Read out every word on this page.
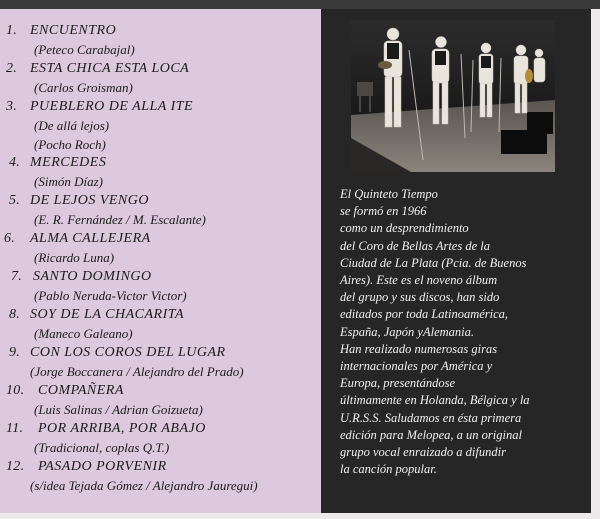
1. ENCUENTRO
(Peteco Carabajal)
2. ESTA CHICA ESTA LOCA
(Carlos Groisman)
3. PUEBLERO DE ALLA ITE
(De allá lejos)
(Pocho Roch)
4. MERCEDES
(Simón Díaz)
5. DE LEJOS VENGO
(E. R. Fernández / M. Escalante)
6. ALMA CALLEJERA
(Ricardo Luna)
7. SANTO DOMINGO
(Pablo Neruda-Victor Victor)
8. SOY DE LA CHACARITA
(Maneco Galeano)
9. CON LOS COROS DEL LUGAR
(Jorge Boccanera / Alejandro del Prado)
10. COMPAÑERA
(Luis Salinas / Adrian Goizueta)
11. POR ARRIBA, POR ABAJO
(Tradicional, coplas Q.T.)
12. PASADO PORVENIR
(s/idea Tejada Gómez / Alejandro Jauregui)
El Quinteto Tiempo
se formó en 1966
como un desprendimiento
del Coro de Bellas Artes de la
Ciudad de La Plata (Pcia. de Buenos
Aires). Este es el noveno álbum
del grupo y sus discos, han sido
editados por toda Latinoamérica,
España, Japón yAlemania.
Han realizado numerosas giras
internacionales por América y
Europa, presentándose
últimamente en Holanda, Bélgica y la
U.R.S.S. Saludamos en ésta primera
edición para Melopea, a un original
grupo vocal enraizado a difundir
la canción popular.
